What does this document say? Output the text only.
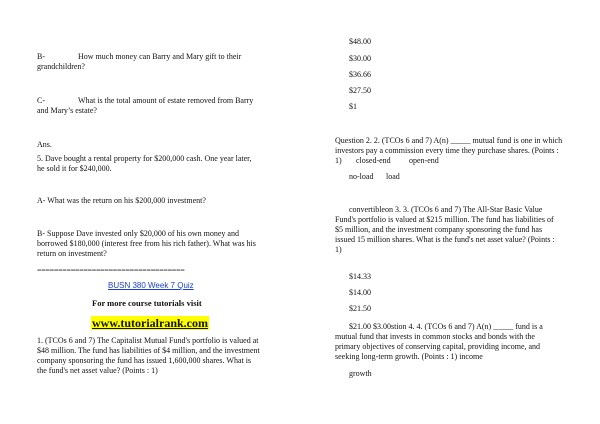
B-	How much money can Barry and Mary gift to their
grandchildren?
C-	What is the total amount of estate removed from Barry
and Mary’s estate?
Ans.
5. Dave bought a rental property for $200,000 cash. One year later,
he sold it for $240,000.
A- What was the return on his $200,000 investment?
B- Suppose Dave invested only $20,000 of his own money and
borrowed $180,000 (interest free from his rich father). What was his
return on investment?
===================================
BUSN 380 Week 7 Quiz
For more course tutorials visit
www.tutorialrank.com
1. (TCOs 6 and 7) The Capitalist Mutual Fund's portfolio is valued at
$48 million. The fund has liabilities of $4 million, and the investment
company sponsoring the fund has issued 1,600,000 shares. What is
the fund's net asset value? (Points : 1)
$48.00
$30.00
$36.66
$27.50
$1
Question 2. 2. (TCOs 6 and 7) A(n) _____ mutual fund is one in which
investors pay a commission every time they purchase shares. (Points :
1) closed-end open-end
no-load load
convertibleon 3. 3. (TCOs 6 and 7) The All-Star Basic Value
Fund's portfolio is valued at $215 million. The fund has liabilities of
$5 million, and the investment company sponsoring the fund has
issued 15 million shares. What is the fund's net asset value? (Points :
1)
$14.33
$14.00
$21.50
$21.00 $3.00stion 4. 4. (TCOs 6 and 7) A(n) _____ fund is a
mutual fund that invests in common stocks and bonds with the
primary objectives of conserving capital, providing income, and
seeking long-term growth. (Points : 1) income
growth
